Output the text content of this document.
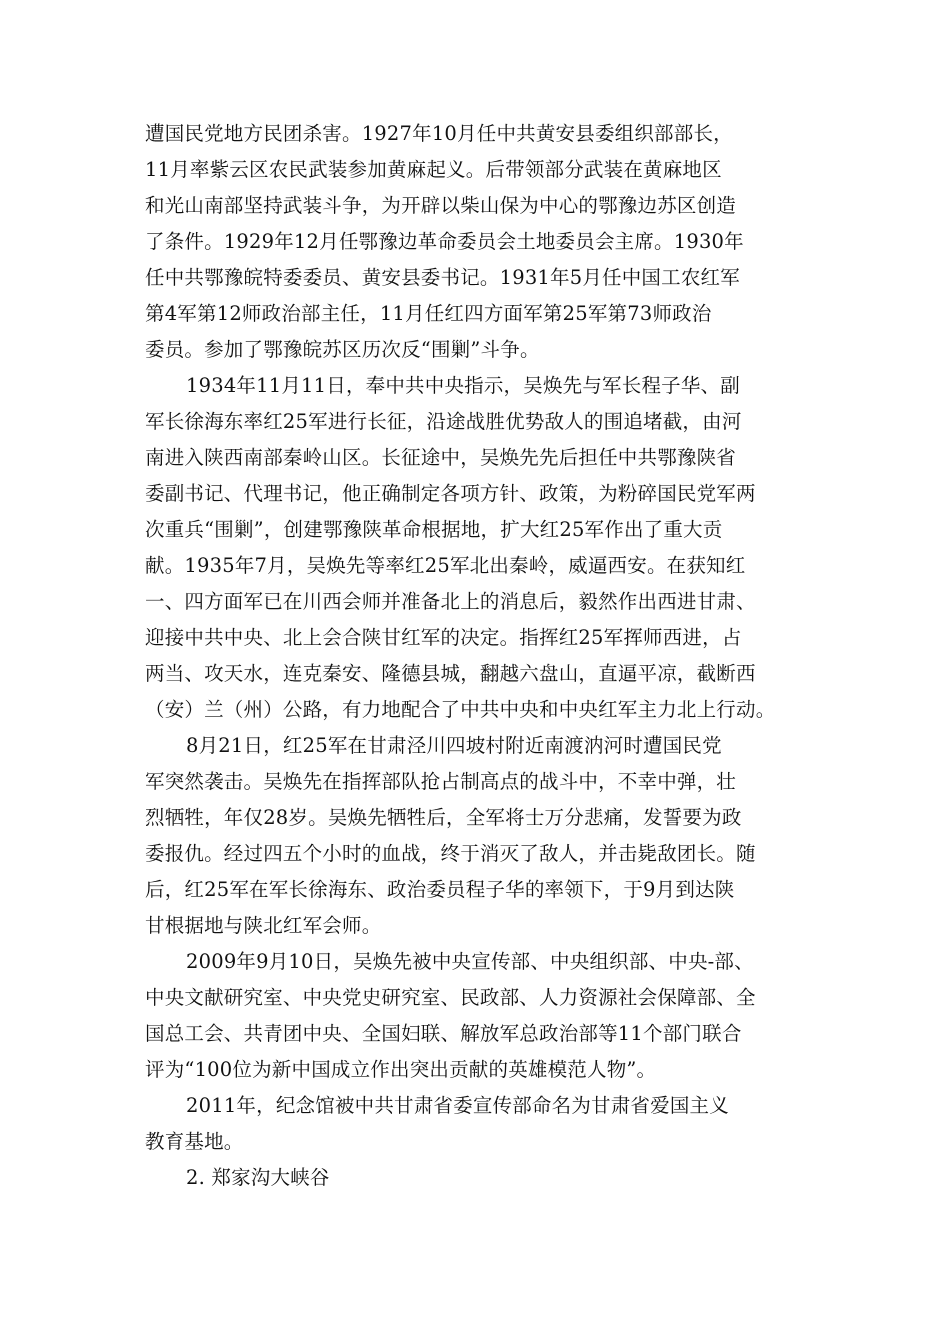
遭国民党地方民团杀害。1927年10月任中共黄安县委组织部部长，
11月率紫云区农民武装参加黄麻起义。后带领部分武装在黄麻地区
和光山南部坚持武装斗争，为开辟以柴山保为中心的鄂豫边苏区创造
了条件。1929年12月任鄂豫边革命委员会土地委员会主席。1930年
任中共鄂豫皖特委委员、黄安县委书记。1931年5月任中国工农红军
第4军第12师政治部主任，11月任红四方面军第25军第73师政治
委员。参加了鄂豫皖苏区历次反“围剿”斗争。
1934年11月11日，奉中共中央指示，吴焕先与军长程子华、副
军长徐海东率红25军进行长征，沿途战胜优势敌人的围追堵截，由河
南进入陕西南部秦岭山区。长征途中，吴焕先先后担任中共鄂豫陕省
委副书记、代理书记，他正确制定各项方针、政策，为粉碎国民党军两
次重兵“围剿”，创建鄂豫陕革命根据地，扩大红25军作出了重大贡
献。1935年7月，吴焕先等率红25军北出秦岭，威逼西安。在获知红
一、四方面军已在川西会师并准备北上的消息后，毅然作出西进甘肃、
迎接中共中央、北上会合陕甘红军的决定。指挥红25军挥师西进，占
两当、攻天水，连克秦安、隆德县城，翻越六盘山，直逼平凉，截断西
（安）兰（州）公路，有力地配合了中共中央和中央红军主力北上行动。
8月21日，红25军在甘肃泾川四坡村附近南渡汭河时遭国民党
军突然袭击。吴焕先在指挥部队抢占制高点的战斗中，不幸中弹，壮
烈牺牲，年仅28岁。吴焕先牺牲后，全军将士万分悲痛，发誓要为政
委报仇。经过四五个小时的血战，终于消灭了敌人，并击毙敌团长。随
后，红25军在军长徐海东、政治委员程子华的率领下，于9月到达陕
甘根据地与陕北红军会师。
2009年9月10日，吴焕先被中央宣传部、中央组织部、中央-部、
中央文献研究室、中央党史研究室、民政部、人力资源社会保障部、全
国总工会、共青团中央、全国妇联、解放军总政治部等11个部门联合
评为“100位为新中国成立作出突出贡献的英雄模范人物”。
2011年，纪念馆被中共甘肃省委宣传部命名为甘肃省爱国主义
教育基地。
2. 郑家沟大峡谷
